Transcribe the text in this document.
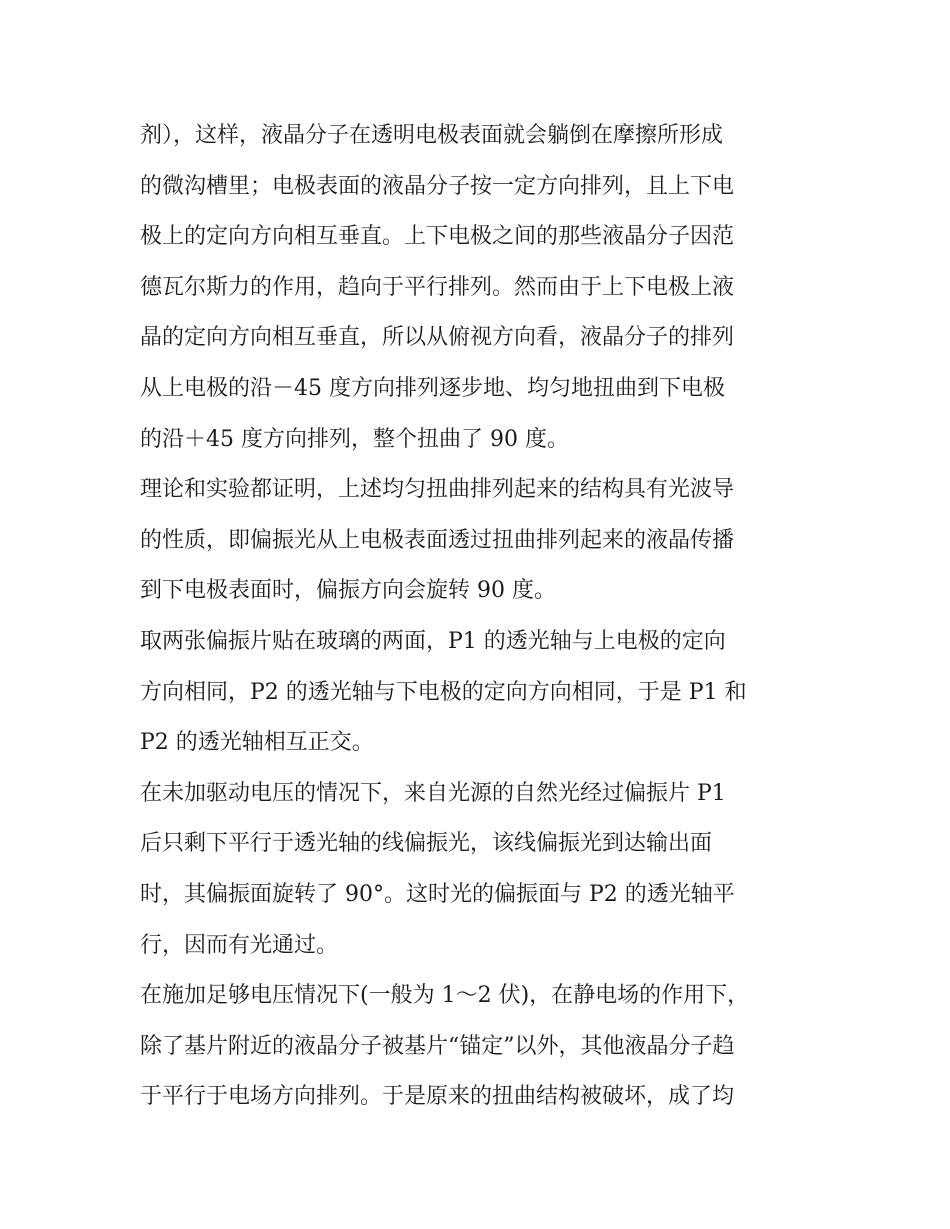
剂），这样，液晶分子在透明电极表面就会躺倒在摩擦所形成
的微沟槽里；电极表面的液晶分子按一定方向排列，且上下电
极上的定向方向相互垂直。上下电极之间的那些液晶分子因范
德瓦尔斯力的作用，趋向于平行排列。然而由于上下电极上液
晶的定向方向相互垂直，所以从俯视方向看，液晶分子的排列
从上电极的沿－45 度方向排列逐步地、均匀地扭曲到下电极
的沿＋45 度方向排列，整个扭曲了 90 度。
理论和实验都证明，上述均匀扭曲排列起来的结构具有光波导
的性质，即偏振光从上电极表面透过扭曲排列起来的液晶传播
到下电极表面时，偏振方向会旋转 90 度。
取两张偏振片贴在玻璃的两面，P1 的透光轴与上电极的定向
方向相同，P2 的透光轴与下电极的定向方向相同，于是 P1 和
P2 的透光轴相互正交。
在未加驱动电压的情况下，来自光源的自然光经过偏振片 P1
后只剩下平行于透光轴的线偏振光，该线偏振光到达输出面
时，其偏振面旋转了 90°。这时光的偏振面与 P2 的透光轴平
行，因而有光通过。
在施加足够电压情况下(一般为 1～2 伏)，在静电场的作用下，
除了基片附近的液晶分子被基片“锚定”以外，其他液晶分子趋
于平行于电场方向排列。于是原来的扭曲结构被破坏，成了均
